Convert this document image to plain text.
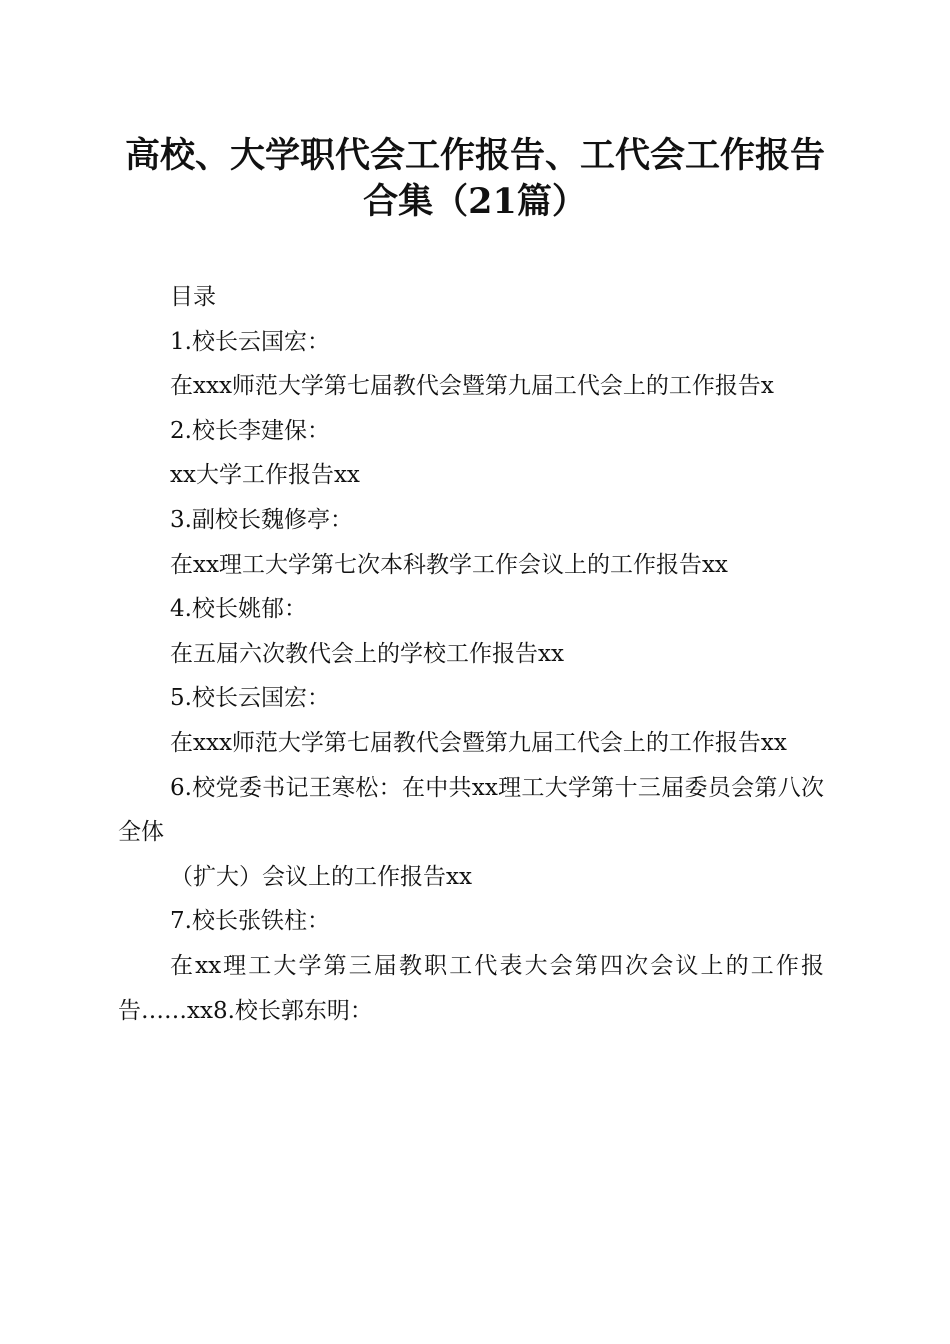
高校、大学职代会工作报告、工代会工作报告
合集（21篇）

目录

1.校长云国宏：

在xxx师范大学第七届教代会暨第九届工代会上的工作报告x

2.校长李建保：

xx大学工作报告xx

3.副校长魏修亭：

在xx理工大学第七次本科教学工作会议上的工作报告xx

4.校长姚郁：

在五届六次教代会上的学校工作报告xx

5.校长云国宏：

在xxx师范大学第七届教代会暨第九届工代会上的工作报告xx

6.校党委书记王寒松：在中共xx理工大学第十三届委员会第八次全体

（扩大）会议上的工作报告xx

7.校长张铁柱：

在xx理工大学第三届教职工代表大会第四次会议上的工作报告……xx8.校长郭东明：
